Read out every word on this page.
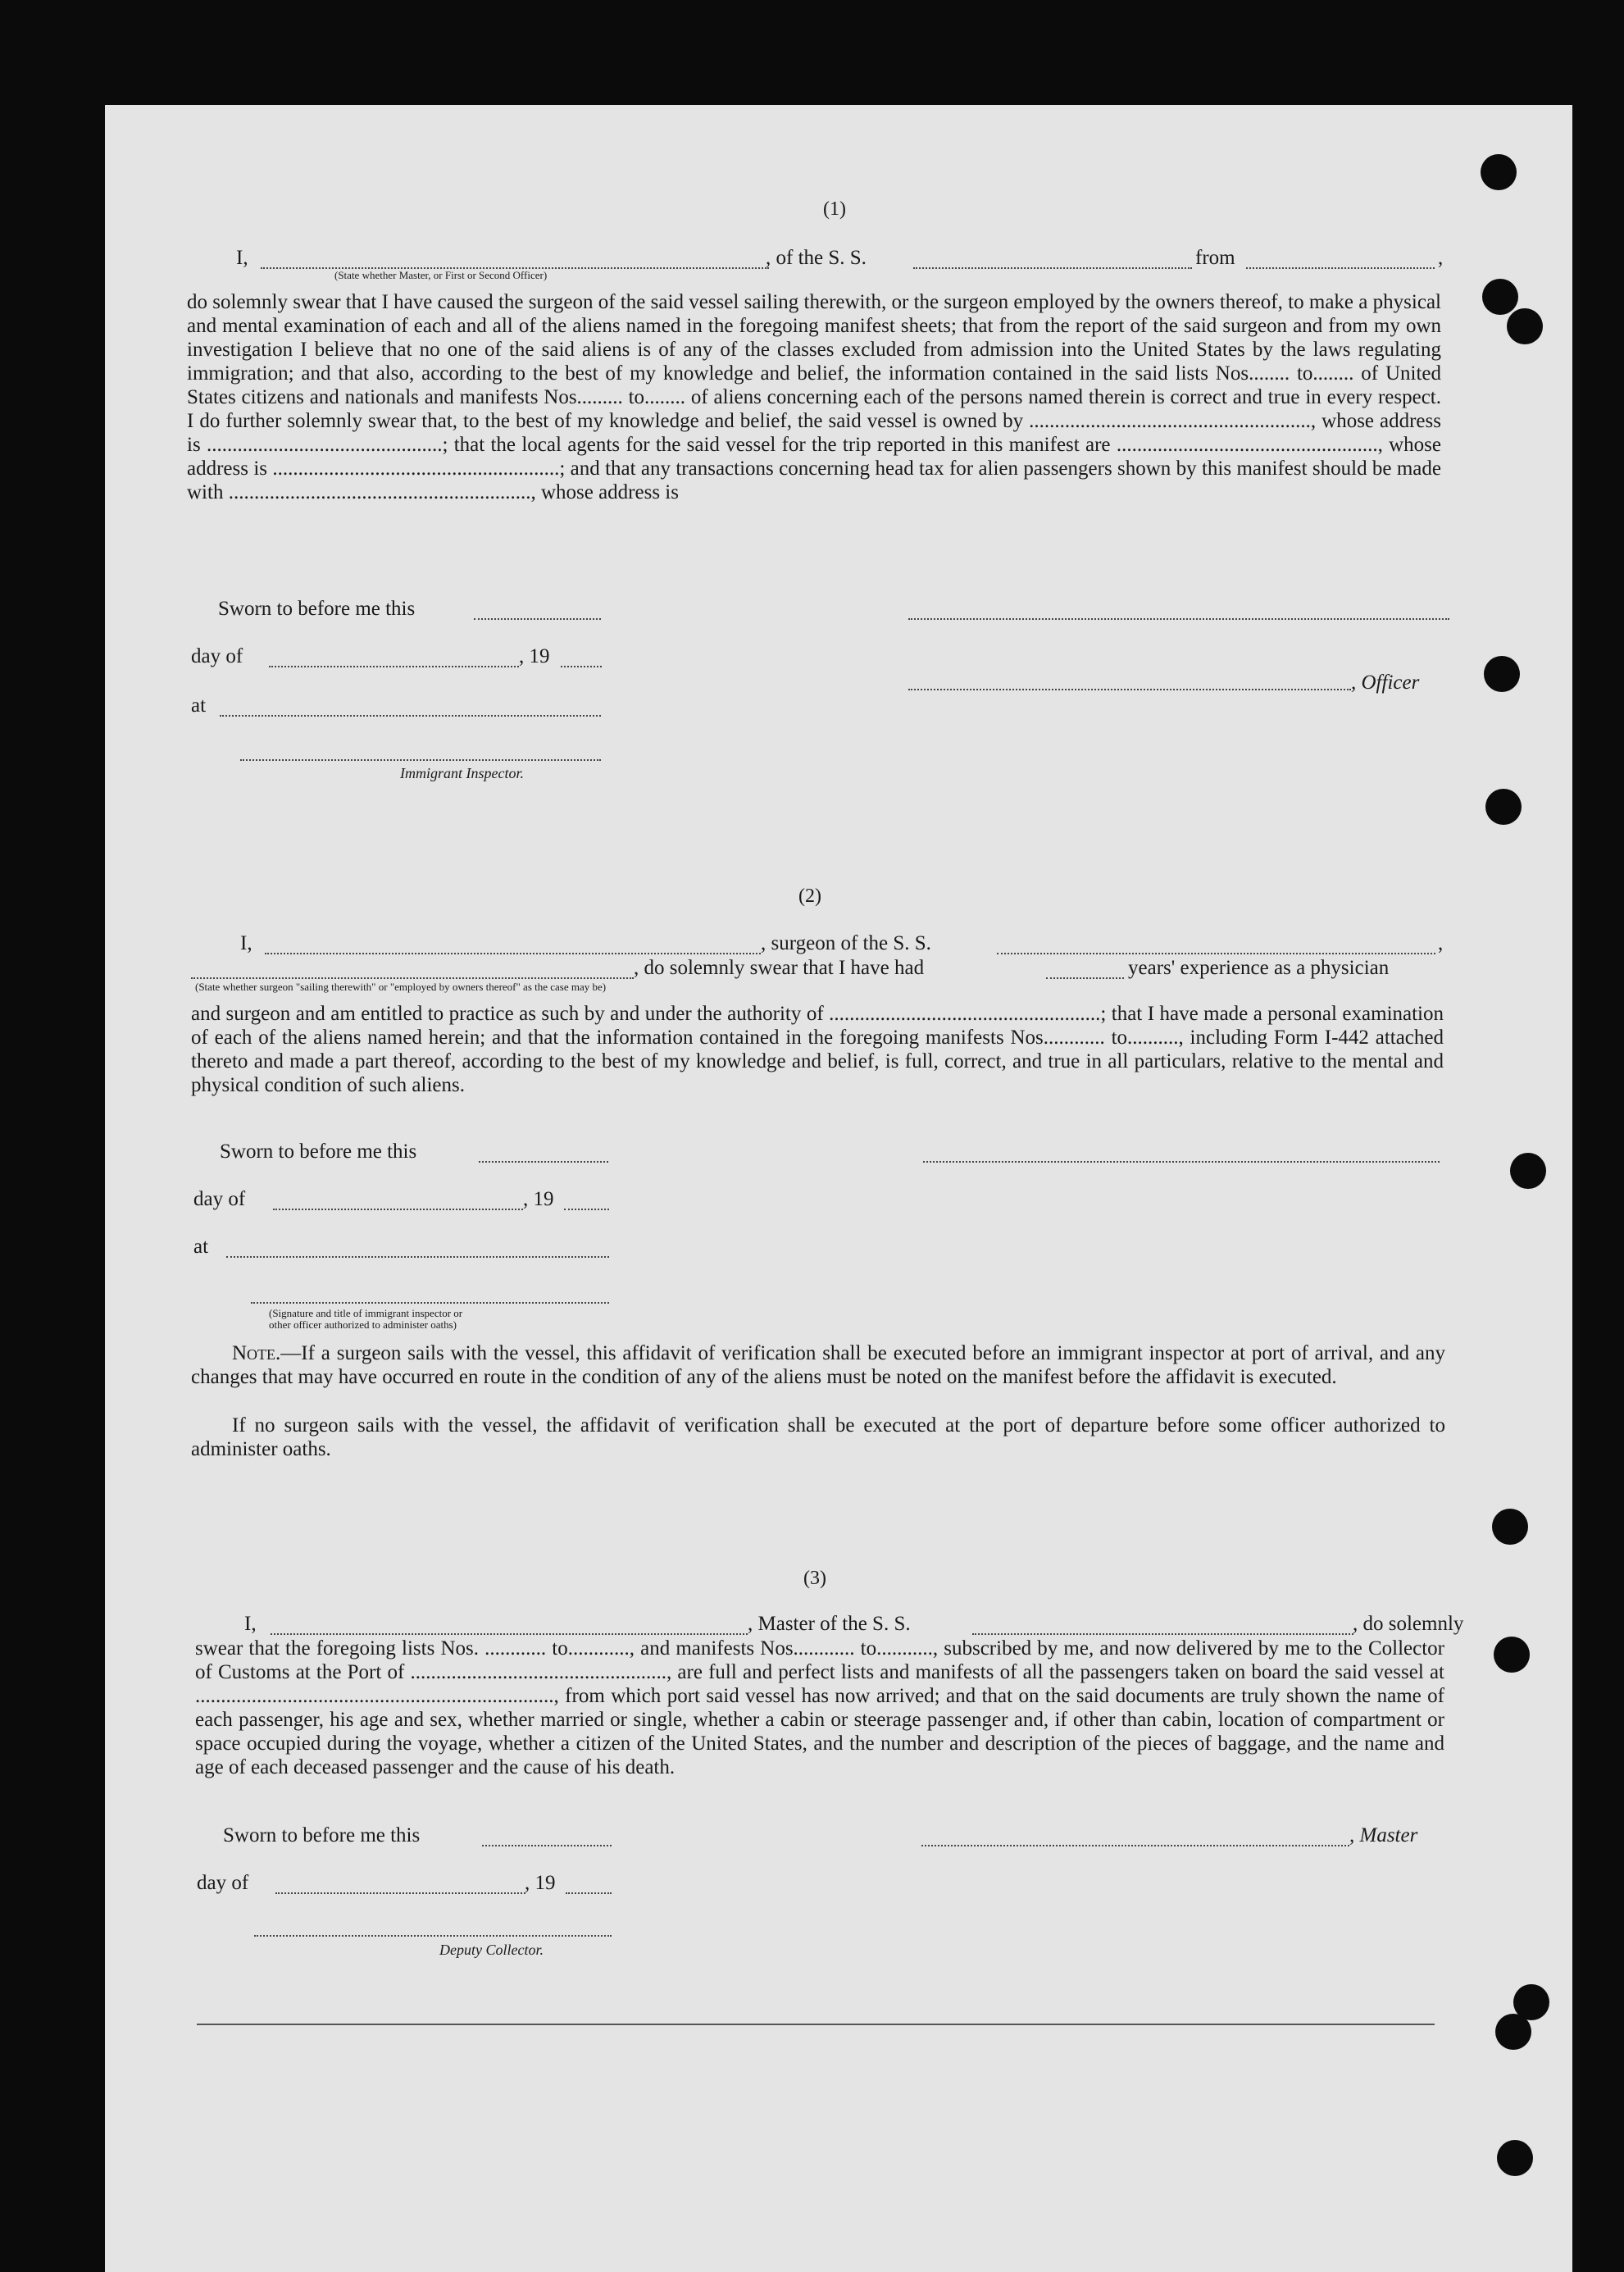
(1)
I,
(State whether Master, or First or Second Officer)
, of the S. S.	from	,
do solemnly swear that I have caused the surgeon of the said vessel sailing therewith, or the surgeon employed by the owners thereof, to make a physical and mental examination of each and all of the aliens named in the foregoing manifest sheets; that from the report of the said surgeon and from my own investigation I believe that no one of the said aliens is of any of the classes excluded from admission into the United States by the laws regulating immigration; and that also, according to the best of my knowledge and belief, the information contained in the said lists Nos........ to........ of United States citizens and nationals and manifests Nos......... to........ of aliens concerning each of the persons named therein is correct and true in every respect. I do further solemnly swear that, to the best of my knowledge and belief, the said vessel is owned by ......................................................., whose address is ..............................................; that the local agents for the said vessel for the trip reported in this manifest are ..................................................., whose address is ........................................................; and that any transactions concerning head tax for alien passengers shown by this manifest should be made with ..........................................................., whose address is
Sworn to before me this
day of	, 19
, Officer
at
Immigrant Inspector.
(2)
I,	, surgeon of the S. S.	,
, do solemnly swear that I have had	years' experience as a physician
(State whether surgeon "sailing therewith" or "employed by owners thereof" as the case may be)
and surgeon and am entitled to practice as such by and under the authority of .....................................................; that I have made a personal examination of each of the aliens named herein; and that the information contained in the foregoing manifests Nos............ to.........., including Form I-442 attached thereto and made a part thereof, according to the best of my knowledge and belief, is full, correct, and true in all particulars, relative to the mental and physical condition of such aliens.
Sworn to before me this
day of	, 19
at
(Signature and title of immigrant inspector or
other officer authorized to administer oaths)
Note.—If a surgeon sails with the vessel, this affidavit of verification shall be executed before an immigrant inspector at port of arrival, and any changes that may have occurred en route in the condition of any of the aliens must be noted on the manifest before the affidavit is executed.
If no surgeon sails with the vessel, the affidavit of verification shall be executed at the port of departure before some officer authorized to administer oaths.
(3)
I,	, Master of the S. S.	, do solemnly
swear that the foregoing lists Nos. ............ to............, and manifests Nos............ to..........., subscribed by me, and now delivered by me to the Collector of Customs at the Port of .................................................., are full and perfect lists and manifests of all the passengers taken on board the said vessel at ......................................................................, from which port said vessel has now arrived; and that on the said documents are truly shown the name of each passenger, his age and sex, whether married or single, whether a cabin or steerage passenger and, if other than cabin, location of compartment or space occupied during the voyage, whether a citizen of the United States, and the number and description of the pieces of baggage, and the name and age of each deceased passenger and the cause of his death.
Sworn to before me this	, Master
day of	, 19
Deputy Collector.
